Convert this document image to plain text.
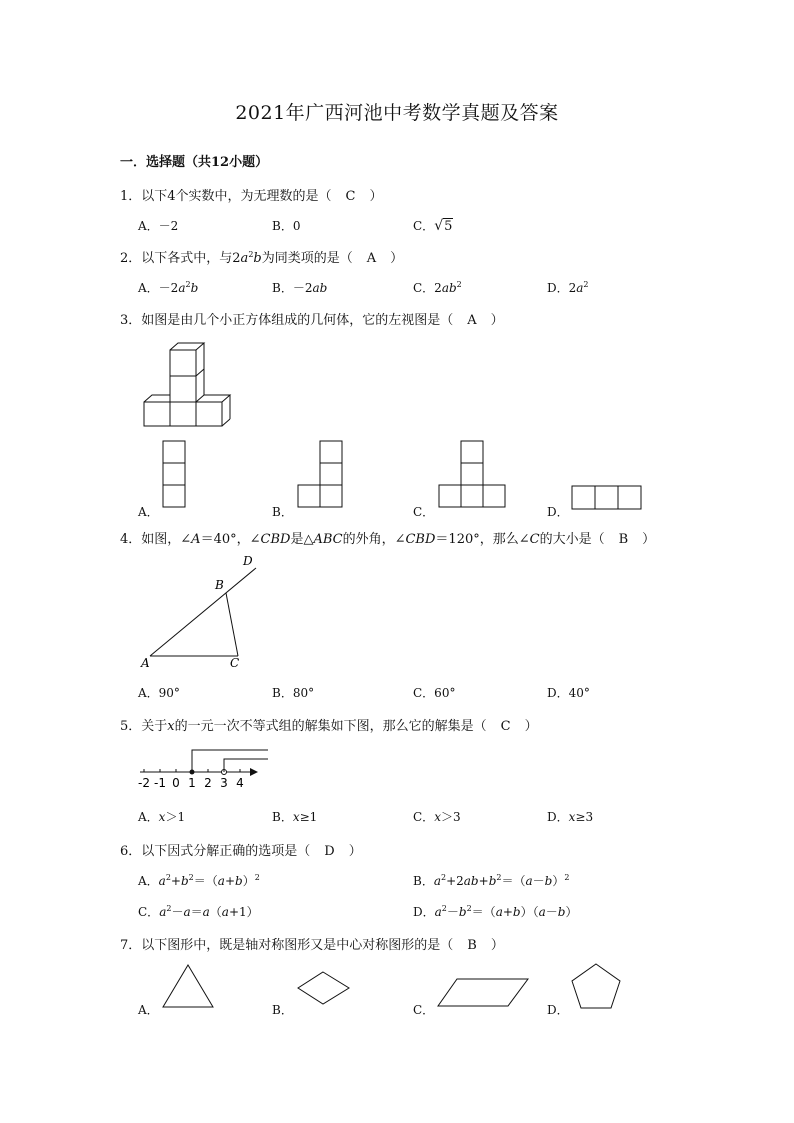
2021年广西河池中考数学真题及答案
一．选择题（共12小题）
1．以下4个实数中，为无理数的是（ C ）
A．－2	B．0	C．√5
2．以下各式中，与$2a^2b$为同类项的是（ A ）
A．$-2a^2b$	B．－2ab	C．$2ab^2$	D．$2a^2$
3．如图是由几个小正方体组成的几何体，它的左视图是（ A ）
A．	B．	C．	D．
4．如图，∠A＝40°，∠CBD是△ABC的外角，∠CBD＝120°，那么∠C的大小是（ B ）
A	C
B
D
A．90°	B．80°	C．60°	D．40°
5．关于x的一元一次不等式组的解集如下图，那么它的解集是（ C ）
-2 -1 0 1 2 3 4
A．x＞1	B．x≥1	C．x＞3	D．x≥3
6．以下因式分解正确的选项是（ D ）
A．$a^2+b^2=(a+b)^2$	B．$a^2+2ab+b^2=(a-b)^2$
C．$a^2-a=a(a+1)$	D．$a^2-b^2=(a+b)(a-b)$
7．以下图形中，既是轴对称图形又是中心对称图形的是（ B ）
A．	B．	C．	D．
